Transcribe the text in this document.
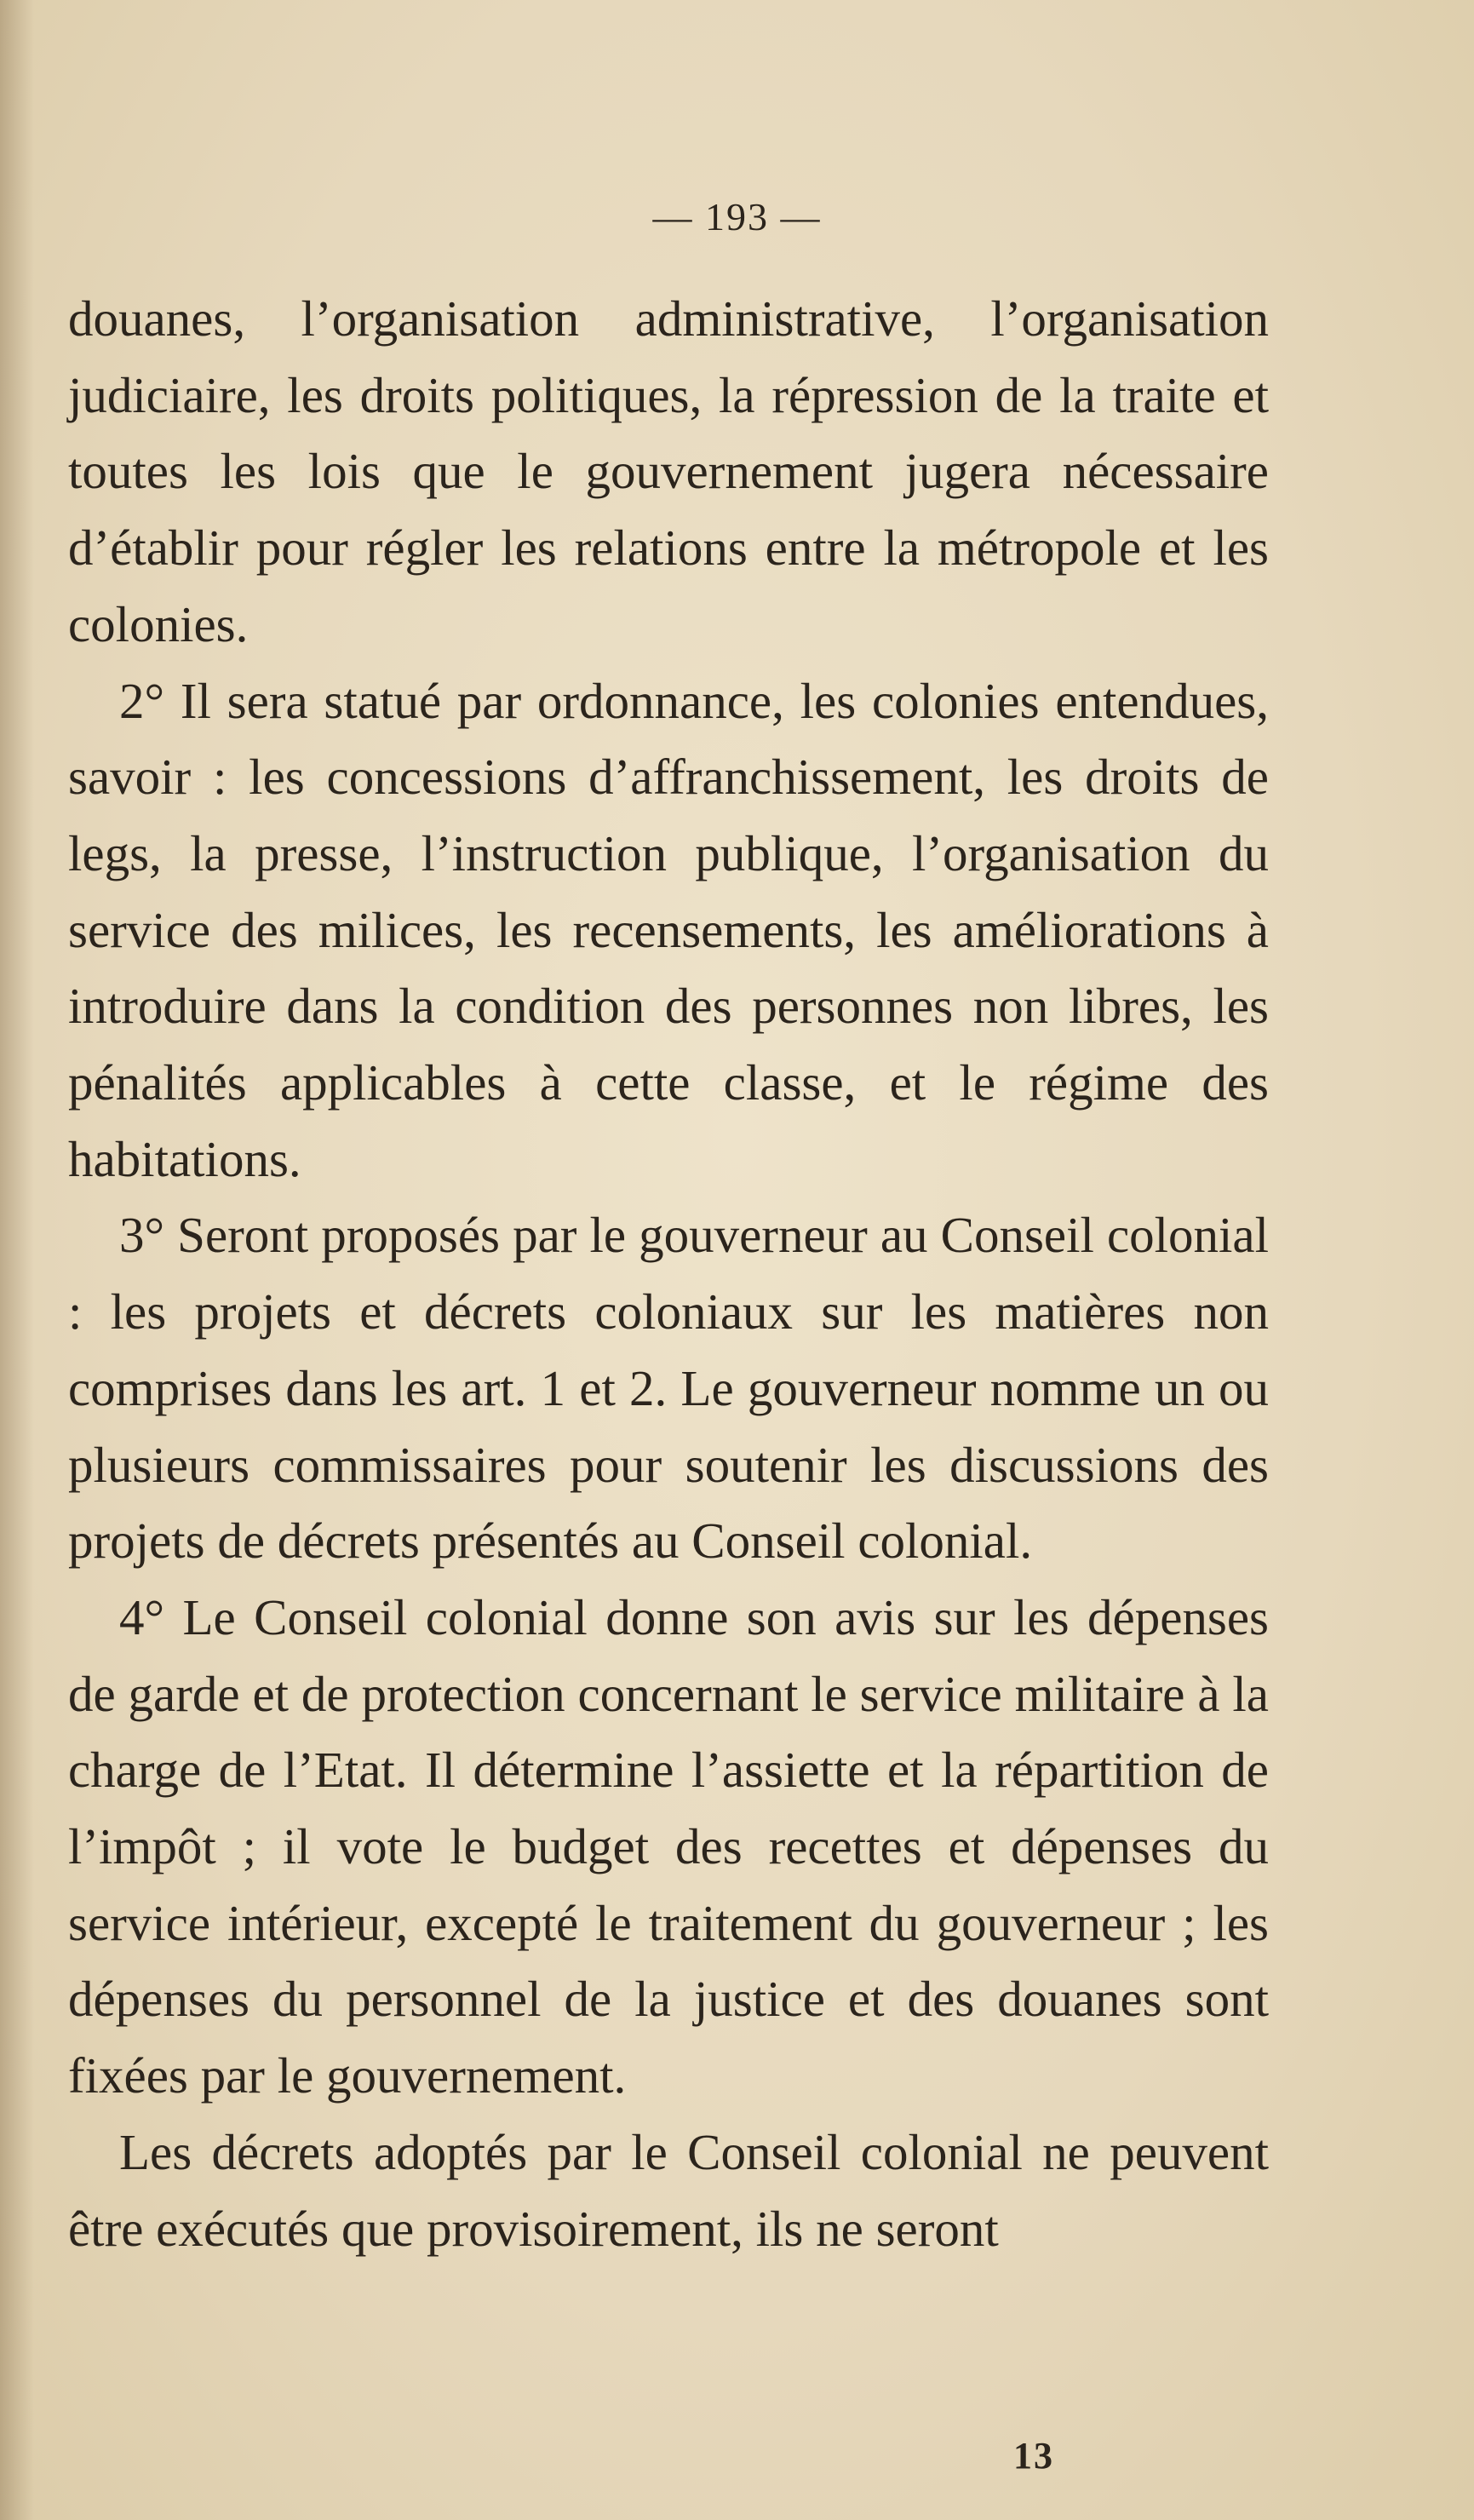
— 193 —

douanes, l’organisation administrative, l’organisation judiciaire, les droits politiques, la répression de la traite et toutes les lois que le gouvernement jugera nécessaire d’établir pour régler les relations entre la métropole et les colonies.

2° Il sera statué par ordonnance, les colonies entendues, savoir : les concessions d’affranchissement, les droits de legs, la presse, l’instruction publique, l’organisation du service des milices, les recensements, les améliorations à introduire dans la condition des personnes non libres, les pénalités applicables à cette classe, et le régime des habitations.

3° Seront proposés par le gouverneur au Conseil colonial : les projets et décrets coloniaux sur les matières non comprises dans les art. 1 et 2. Le gouverneur nomme un ou plusieurs commissaires pour soutenir les discussions des projets de décrets présentés au Conseil colonial.

4° Le Conseil colonial donne son avis sur les dépenses de garde et de protection concernant le service militaire à la charge de l’Etat. Il détermine l’assiette et la répartition de l’impôt ; il vote le budget des recettes et dépenses du service intérieur, excepté le traitement du gouverneur ; les dépenses du personnel de la justice et des douanes sont fixées par le gouvernement.

Les décrets adoptés par le Conseil colonial ne peuvent être exécutés que provisoirement, ils ne seront

13
